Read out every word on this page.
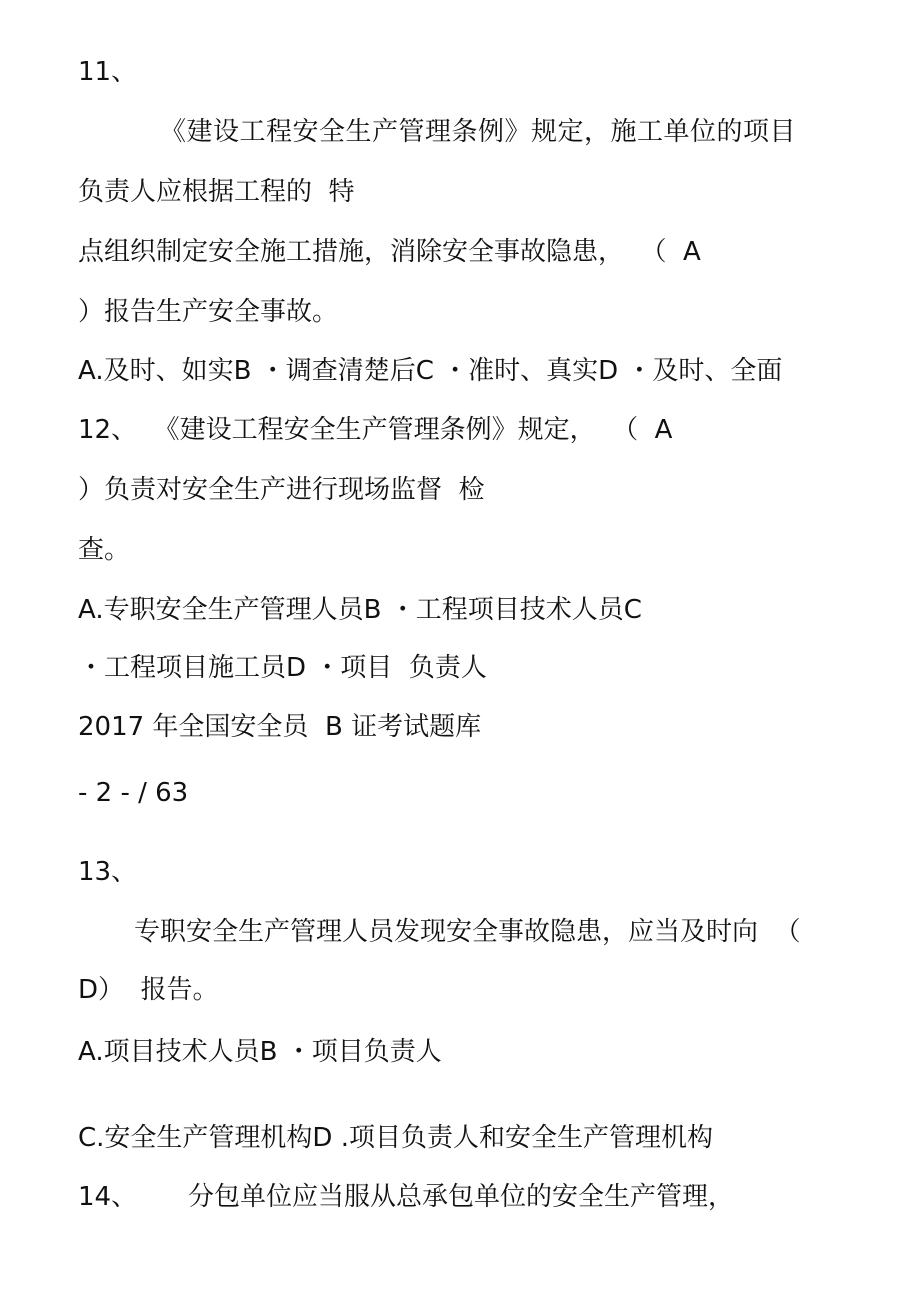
11、
《建设工程安全生产管理条例》规定，施工单位的项目
负责人应根据工程的  特
点组织制定安全施工措施，消除安全事故隐患，  （  A
）报告生产安全事故。
A.及时、如实B ・调查清楚后C ・准时、真实D ・及时、全面
12、  《建设工程安全生产管理条例》规定，  （  A
）负责对安全生产进行现场监督  检
查。
A.专职安全生产管理人员B ・工程项目技术人员C
・工程项目施工员D ・项目  负责人
2017 年全国安全员  B 证考试题库
- 2 - / 63
13、
专职安全生产管理人员发现安全事故隐患，应当及时向  （
D）  报告。
A.项目技术人员B ・项目负责人
C.安全生产管理机构D .项目负责人和安全生产管理机构
14、 分包单位应当服从总承包单位的安全生产管理，
